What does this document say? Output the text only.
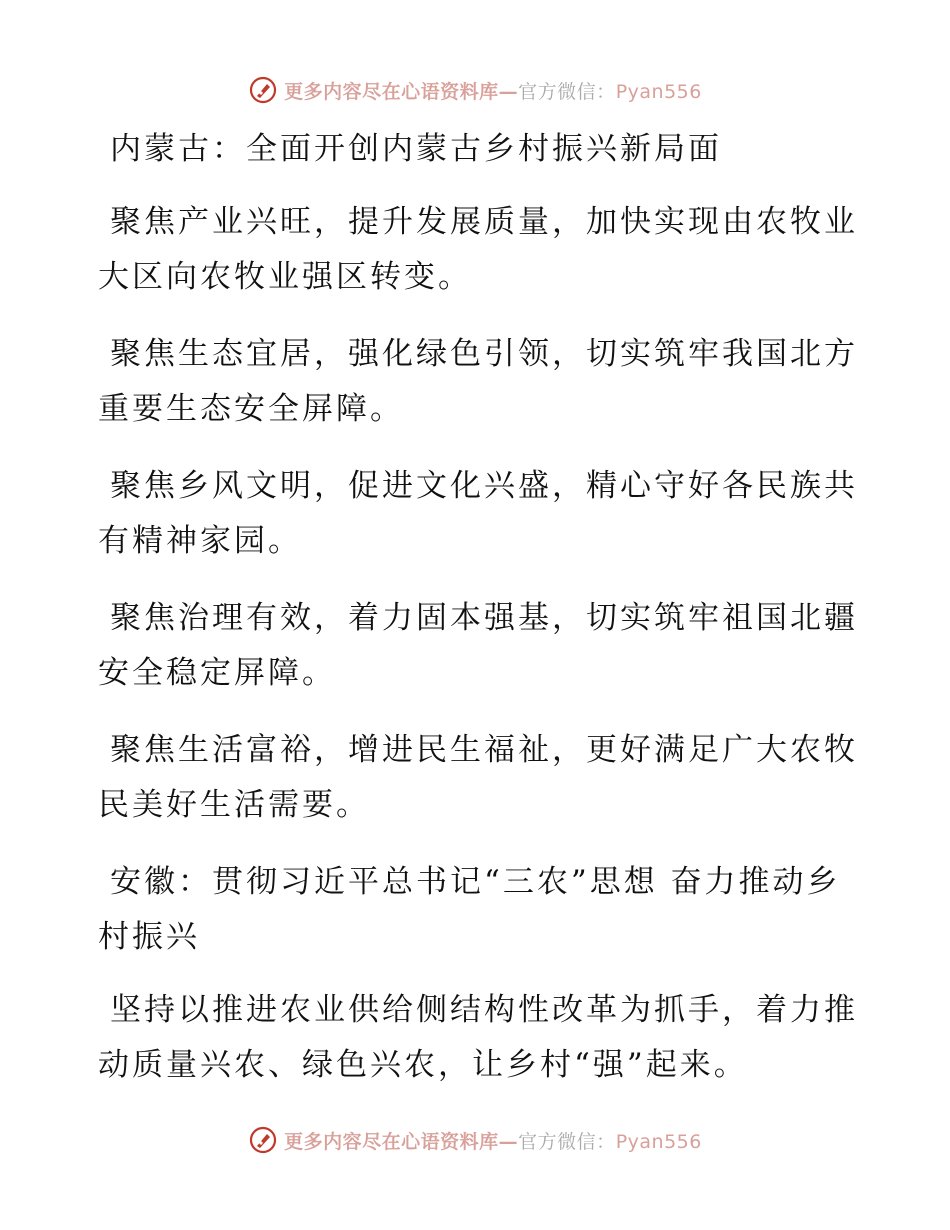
更多内容尽在心语资料库—官方微信：Pyan556

内蒙古：全面开创内蒙古乡村振兴新局面

聚焦产业兴旺，提升发展质量，加快实现由农牧业大区向农牧业强区转变。

聚焦生态宜居，强化绿色引领，切实筑牢我国北方重要生态安全屏障。

聚焦乡风文明，促进文化兴盛，精心守好各民族共有精神家园。

聚焦治理有效，着力固本强基，切实筑牢祖国北疆安全稳定屏障。

聚焦生活富裕，增进民生福祉，更好满足广大农牧民美好生活需要。

安徽：贯彻习近平总书记“三农”思想 奋力推动乡村振兴

坚持以推进农业供给侧结构性改革为抓手，着力推动质量兴农、绿色兴农，让乡村“强”起来。

更多内容尽在心语资料库—官方微信：Pyan556
